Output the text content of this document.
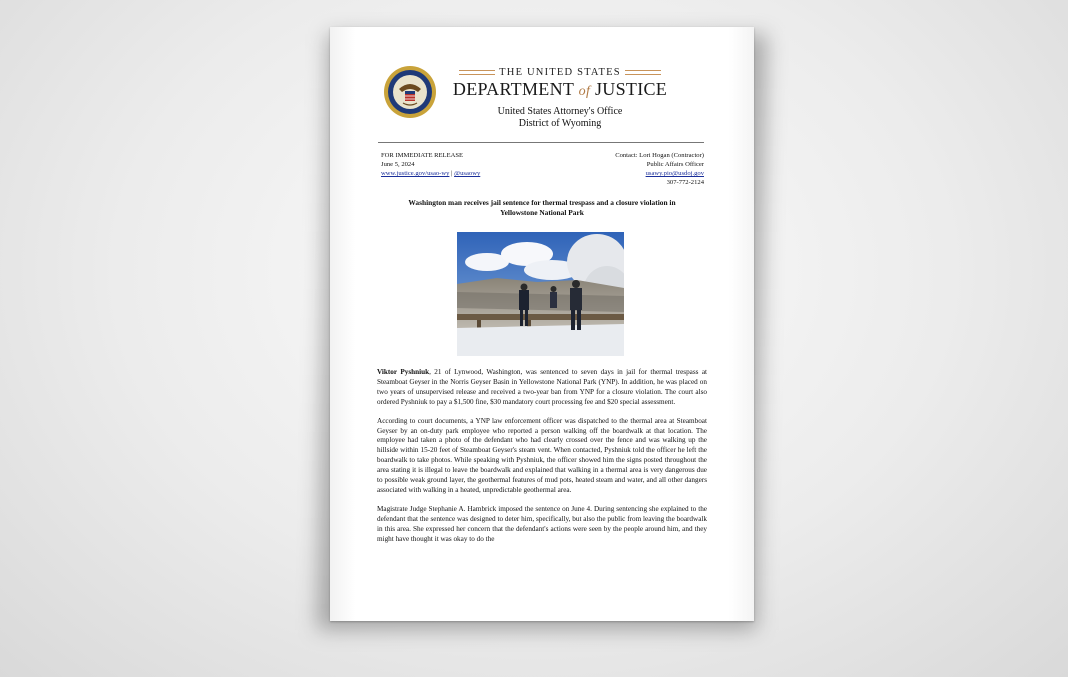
THE UNITED STATES
DEPARTMENT of JUSTICE
United States Attorney's Office
District of Wyoming
FOR IMMEDIATE RELEASE
June 5, 2024
www.justice.gov/usao-wy | @usaowy
Contact: Lori Hogan (Contractor)
Public Affairs Officer
usawy.pio@usdoj.gov
307-772-2124
Washington man receives jail sentence for thermal trespass and a closure violation in
Yellowstone National Park

Viktor Pyshniuk, 21 of Lynwood, Washington, was sentenced to seven days in jail for thermal trespass at Steamboat Geyser in the Norris Geyser Basin in Yellowstone National Park (YNP). In addition, he was placed on two years of unsupervised release and received a two-year ban from YNP for a closure violation. The court also ordered Pyshniuk to pay a $1,500 fine, $30 mandatory court processing fee and $20 special assessment.

According to court documents, a YNP law enforcement officer was dispatched to the thermal area at Steamboat Geyser by an on-duty park employee who reported a person walking off the boardwalk at that location. The employee had taken a photo of the defendant who had clearly crossed over the fence and was walking up the hillside within 15-20 feet of Steamboat Geyser's steam vent. When contacted, Pyshniuk told the officer he left the boardwalk to take photos. While speaking with Pyshniuk, the officer showed him the signs posted throughout the area stating it is illegal to leave the boardwalk and explained that walking in a thermal area is very dangerous due to possible weak ground layer, the geothermal features of mud pots, heated steam and water, and all other dangers associated with walking in a heated, unpredictable geothermal area.

Magistrate Judge Stephanie A. Hambrick imposed the sentence on June 4. During sentencing she explained to the defendant that the sentence was designed to deter him, specifically, but also the public from leaving the boardwalk in this area. She expressed her concern that the defendant's actions were seen by the people around him, and they might have thought it was okay to do the
